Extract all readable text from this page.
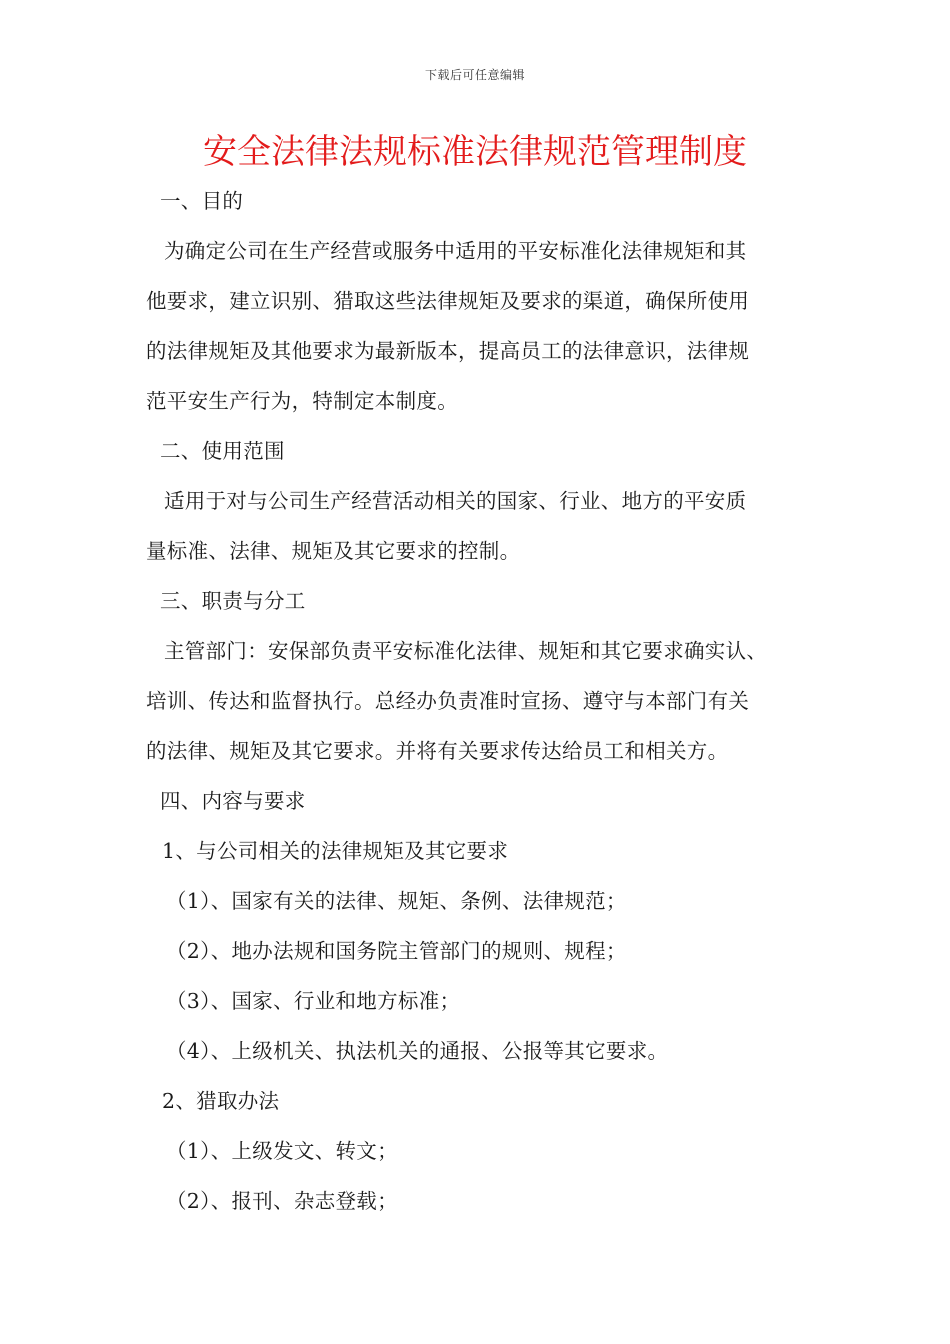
下载后可任意编辑
安全法律法规标准法律规范管理制度

一、目的

为确定公司在生产经营或服务中适用的平安标准化法律规矩和其

他要求，建立识别、猎取这些法律规矩及要求的渠道，确保所使用

的法律规矩及其他要求为最新版本，提高员工的法律意识，法律规

范平安生产行为，特制定本制度。

二、使用范围

适用于对与公司生产经营活动相关的国家、行业、地方的平安质

量标准、法律、规矩及其它要求的控制。

三、职责与分工

主管部门：安保部负责平安标准化法律、规矩和其它要求确实认、

培训、传达和监督执行。总经办负责准时宣扬、遵守与本部门有关

的法律、规矩及其它要求。并将有关要求传达给员工和相关方。

四、内容与要求

1、与公司相关的法律规矩及其它要求

（1）、国家有关的法律、规矩、条例、法律规范；

（2）、地办法规和国务院主管部门的规则、规程；

（3）、国家、行业和地方标准；

（4）、上级机关、执法机关的通报、公报等其它要求。

2、猎取办法

（1）、上级发文、转文；

（2）、报刊、杂志登载；
